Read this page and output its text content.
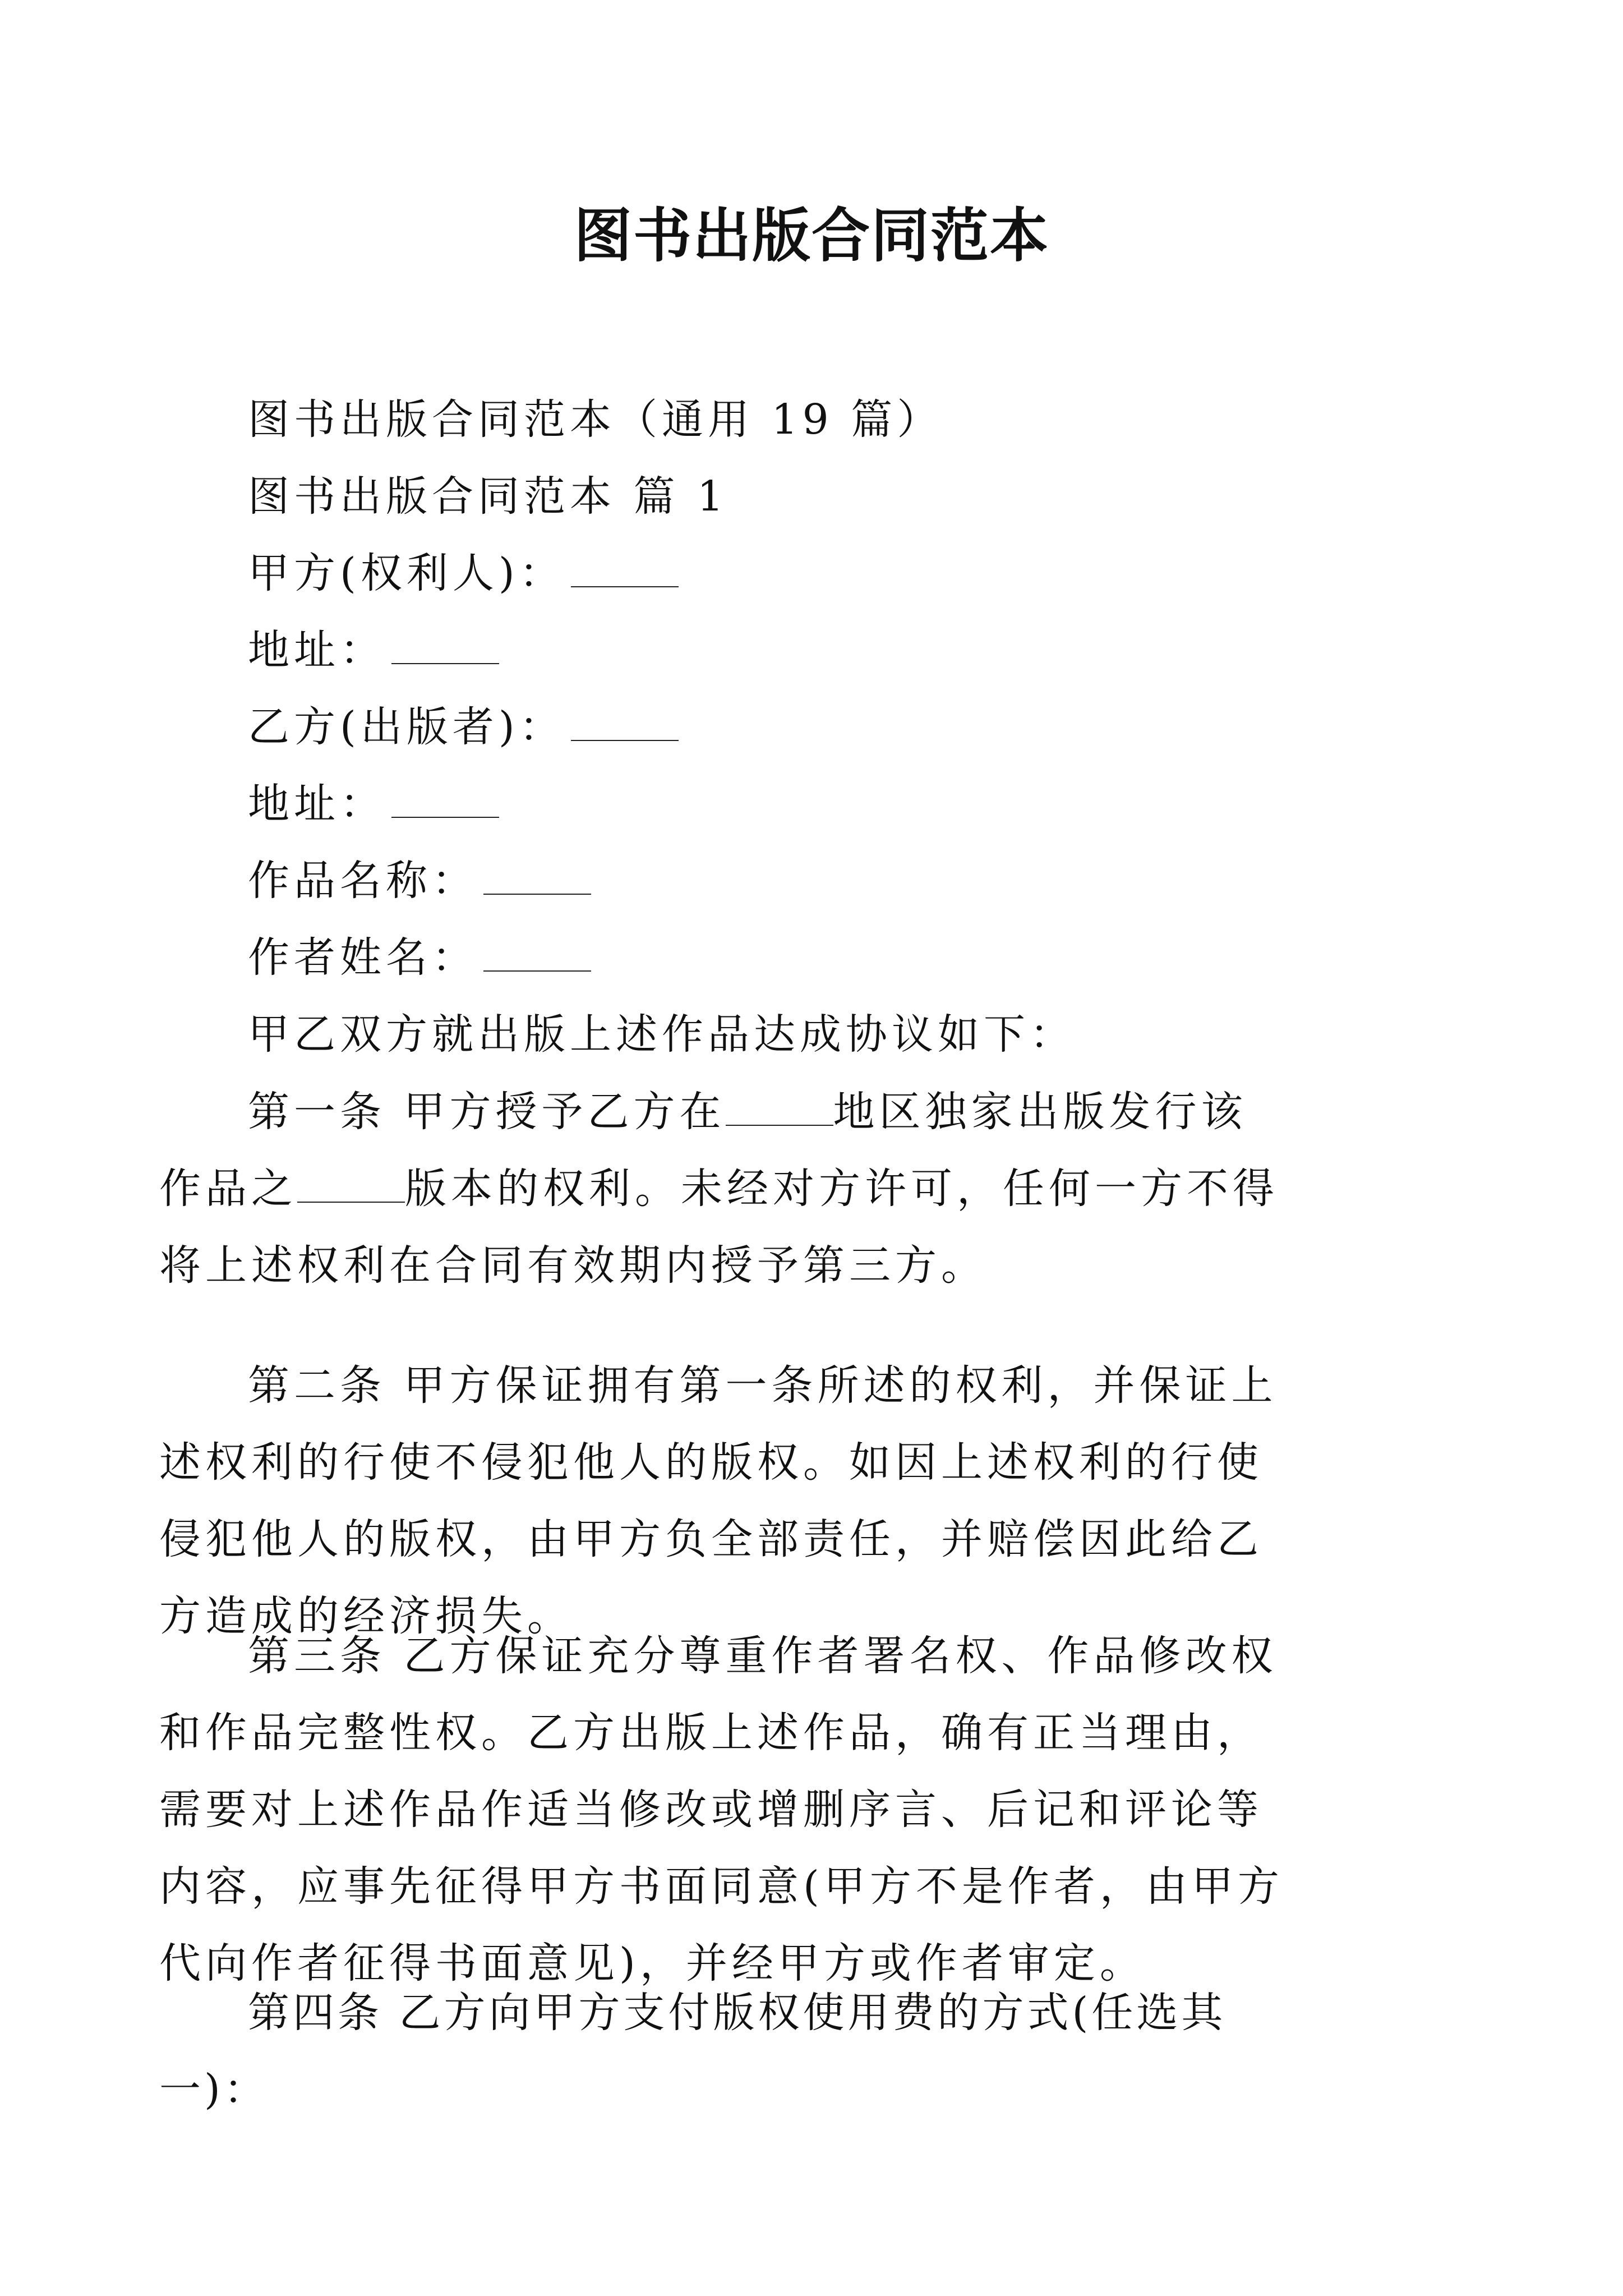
图书出版合同范本

图书出版合同范本（通用 19 篇）

图书出版合同范本 篇 1

甲方(权利人)：

地址：

乙方(出版者)：

地址：

作品名称：

作者姓名：

甲乙双方就出版上述作品达成协议如下：

第一条 甲方授予乙方在	地区独家出版发行该作品之	版本的权利。未经对方许可，任何一方不得将上述权利在合同有效期内授予第三方。
第二条 甲方保证拥有第一条所述的权利，并保证上述权利的行使不侵犯他人的版权。如因上述权利的行使侵犯他人的版权，由甲方负全部责任，并赔偿因此给乙方造成的经济损失。
第三条 乙方保证充分尊重作者署名权、作品修改权和作品完整性权。乙方出版上述作品，确有正当理由，需要对上述作品作适当修改或增删序言、后记和评论等内容，应事先征得甲方书面同意(甲方不是作者，由甲方代向作者征得书面意见)，并经甲方或作者审定。
第四条 乙方向甲方支付版权使用费的方式(任选其一)：
